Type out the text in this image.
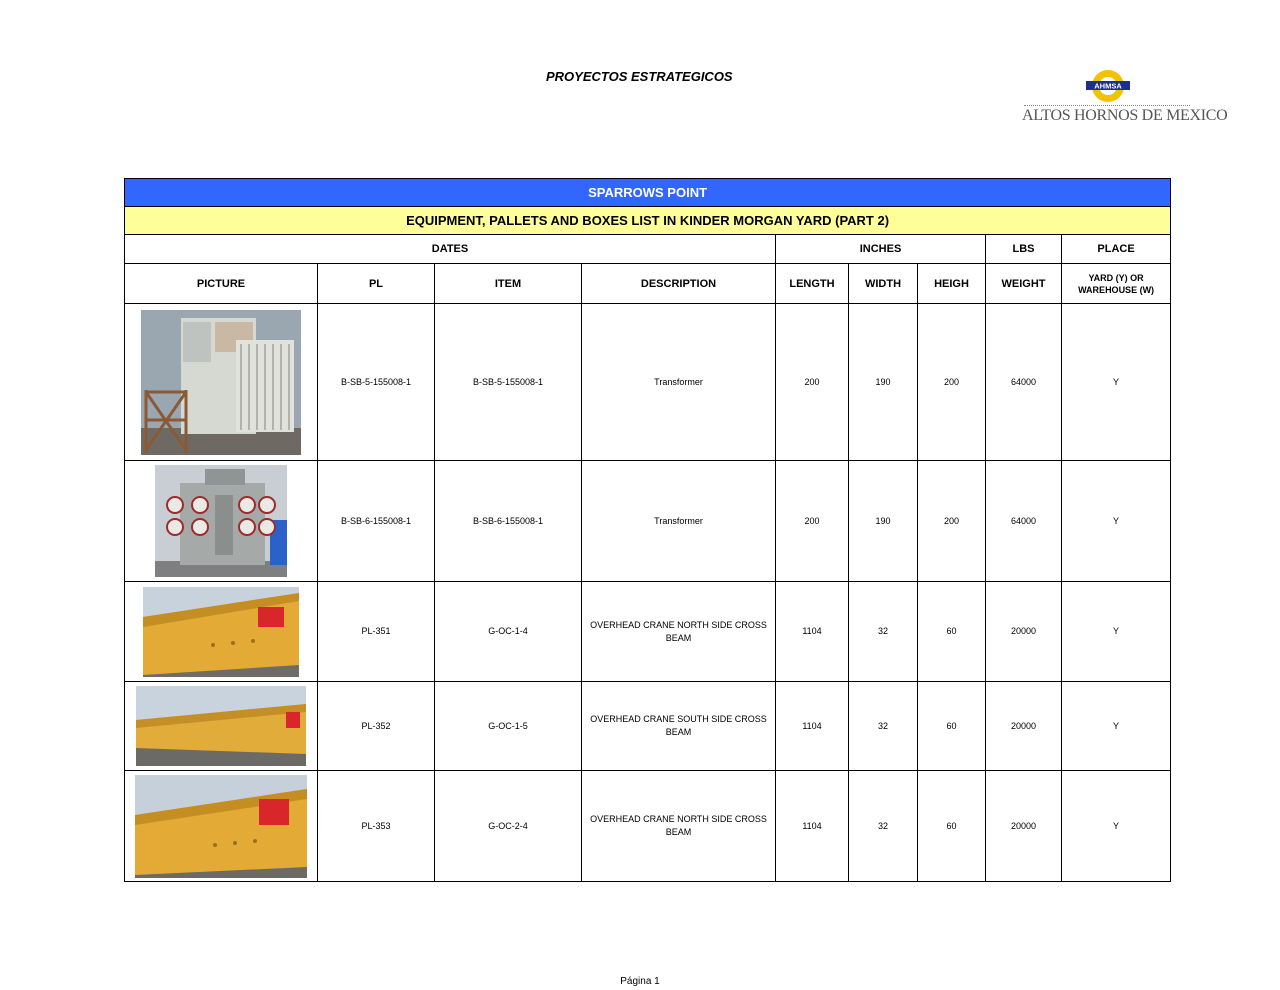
PROYECTOS ESTRATEGICOS
AHMSA
ALTOS HORNOS DE MEXICO
SPARROWS POINT								
EQUIPMENT, PALLETS AND BOXES LIST IN KINDER MORGAN YARD (PART 2)								
DATES				INCHES			LBS	PLACE
PICTURE	PL	ITEM	DESCRIPTION	LENGTH	WIDTH	HEIGH	WEIGHT	YARD (Y) OR WAREHOUSE (W)
	B-SB-5-155008-1	B-SB-5-155008-1	Transformer	200	190	200	64000	Y
	B-SB-6-155008-1	B-SB-6-155008-1	Transformer	200	190	200	64000	Y
	PL-351	G-OC-1-4	OVERHEAD CRANE NORTH SIDE CROSS BEAM	1104	32	60	20000	Y
	PL-352	G-OC-1-5	OVERHEAD CRANE SOUTH SIDE CROSS BEAM	1104	32	60	20000	Y
	PL-353	G-OC-2-4	OVERHEAD CRANE NORTH SIDE CROSS BEAM	1104	32	60	20000	Y
Página 1
